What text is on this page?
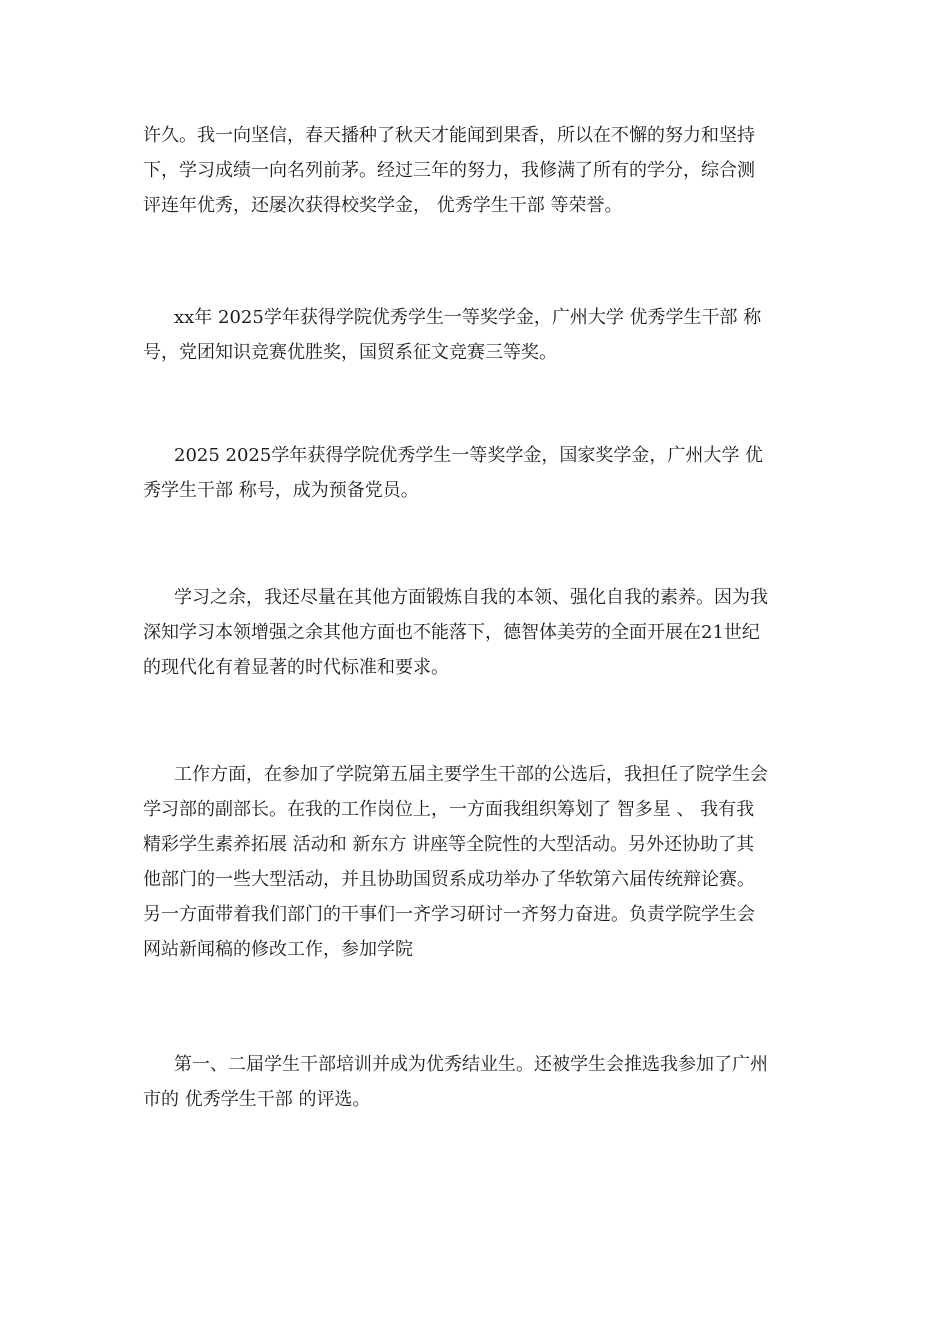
许久。我一向坚信，春天播种了秋天才能闻到果香，所以在不懈的努力和坚持
下，学习成绩一向名列前茅。经过三年的努力，我修满了所有的学分，综合测
评连年优秀，还屡次获得校奖学金， 优秀学生干部 等荣誉。
xx年 2025学年获得学院优秀学生一等奖学金，广州大学 优秀学生干部 称
号，党团知识竞赛优胜奖，国贸系征文竞赛三等奖。
2025 2025学年获得学院优秀学生一等奖学金，国家奖学金，广州大学 优
秀学生干部 称号，成为预备党员。
学习之余，我还尽量在其他方面锻炼自我的本领、强化自我的素养。因为我
深知学习本领增强之余其他方面也不能落下，德智体美劳的全面开展在21世纪
的现代化有着显著的时代标准和要求。
工作方面，在参加了学院第五届主要学生干部的公选后，我担任了院学生会
学习部的副部长。在我的工作岗位上，一方面我组织筹划了 智多星 、 我有我
精彩学生素养拓展 活动和 新东方 讲座等全院性的大型活动。另外还协助了其
他部门的一些大型活动，并且协助国贸系成功举办了华软第六届传统辩论赛。
另一方面带着我们部门的干事们一齐学习研讨一齐努力奋进。负责学院学生会
网站新闻稿的修改工作，参加学院
第一、二届学生干部培训并成为优秀结业生。还被学生会推选我参加了广州
市的 优秀学生干部 的评选。
